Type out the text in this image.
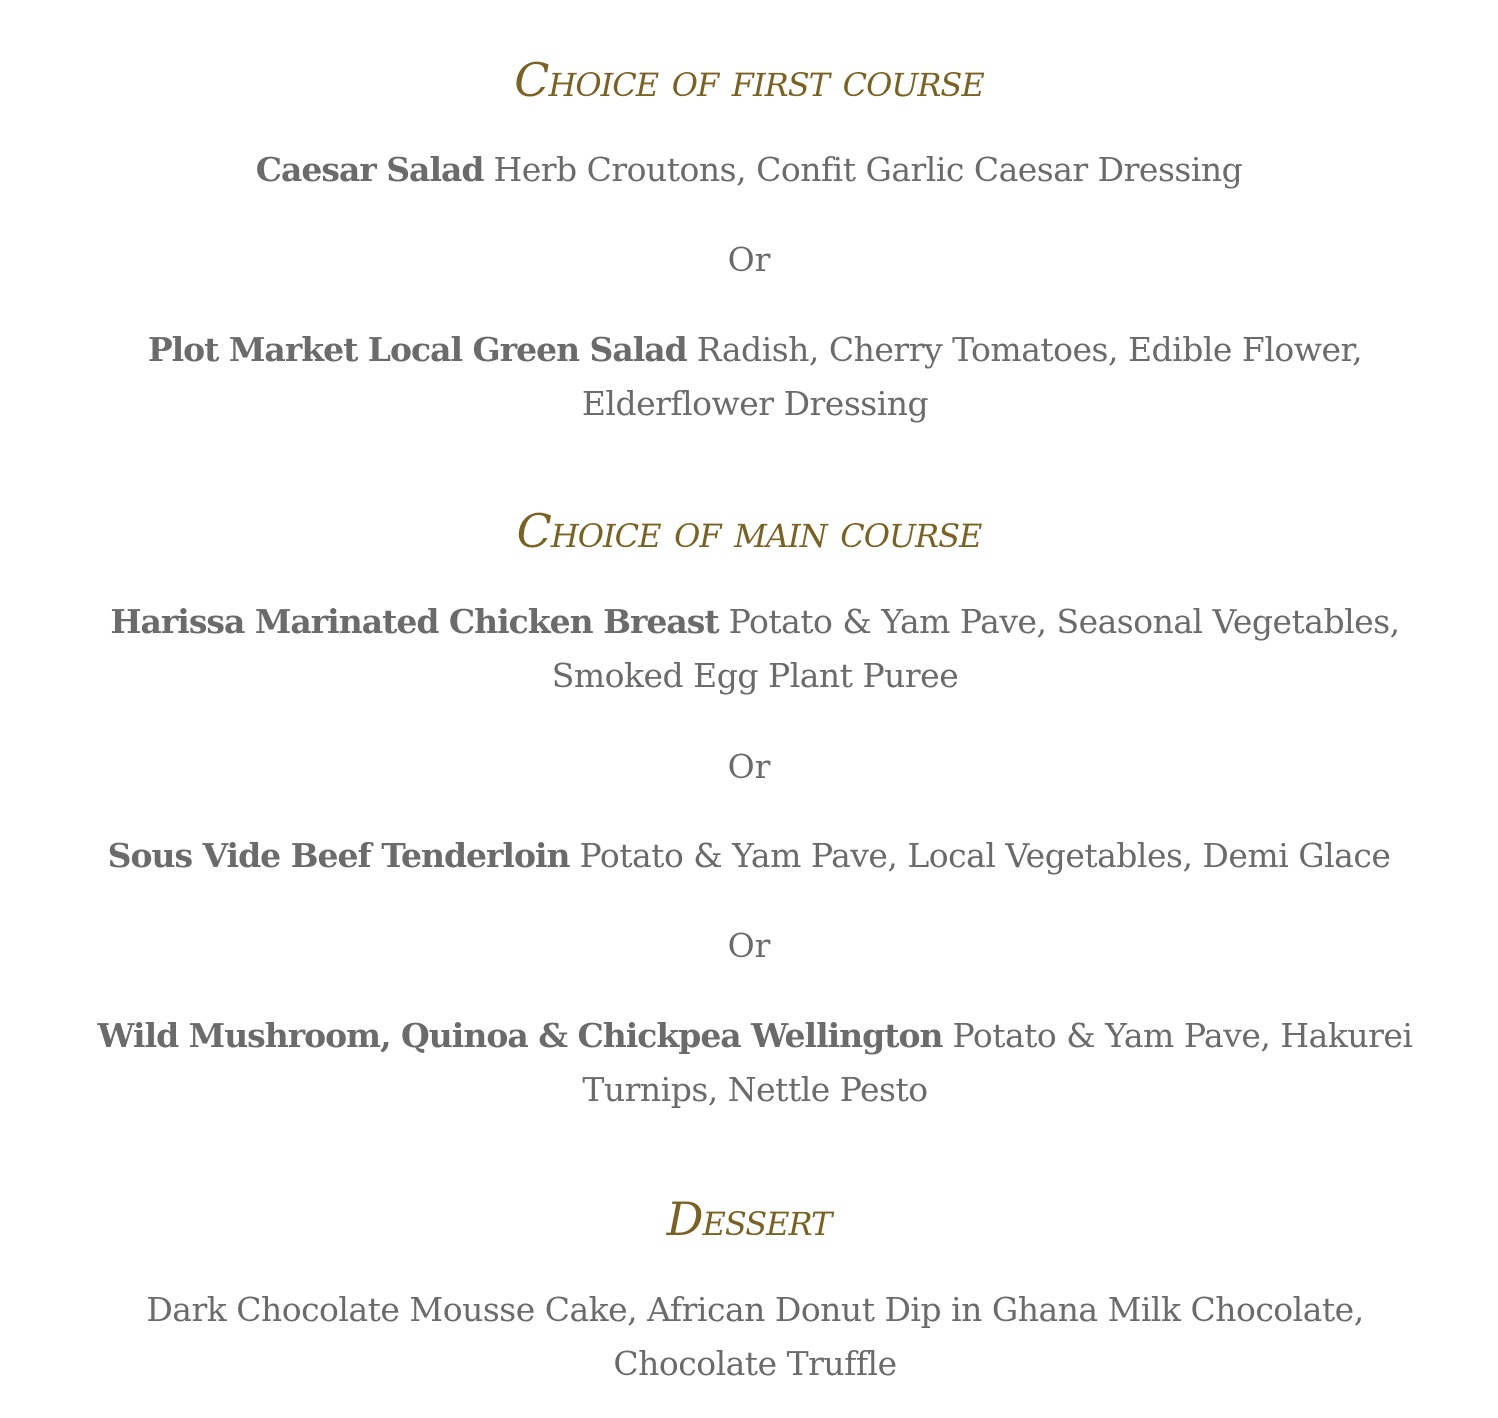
Choice of first course

Caesar Salad Herb Croutons, Confit Garlic Caesar Dressing

Or

Plot Market Local Green Salad Radish, Cherry Tomatoes, Edible Flower, Elderflower Dressing

Choice of main course

Harissa Marinated Chicken Breast Potato & Yam Pave, Seasonal Vegetables, Smoked Egg Plant Puree

Or

Sous Vide Beef Tenderloin Potato & Yam Pave, Local Vegetables, Demi Glace

Or

Wild Mushroom, Quinoa & Chickpea Wellington Potato & Yam Pave, Hakurei Turnips, Nettle Pesto

Dessert

Dark Chocolate Mousse Cake, African Donut Dip in Ghana Milk Chocolate, Chocolate Truffle
